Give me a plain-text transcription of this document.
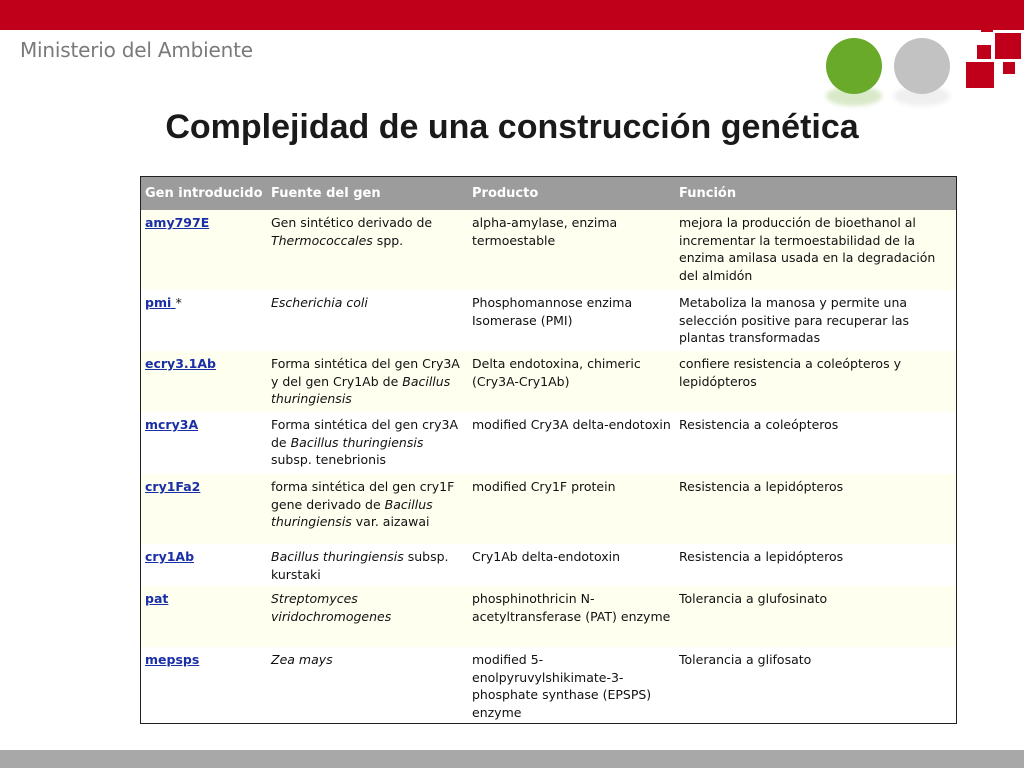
Ministerio del Ambiente
Complejidad de una construcción genética
Gen introducido	Fuente del gen	Producto	Función
amy797E	Gen sintético derivado de Thermococcales spp.	alpha-amylase, enzima termoestable	mejora la producción de bioethanol al incrementar la termoestabilidad de la enzima amilasa usada en la degradación del almidón
pmi *	Escherichia coli	Phosphomannose enzima Isomerase (PMI)	Metaboliza la manosa y permite una selección positive para recuperar las plantas transformadas
ecry3.1Ab	Forma sintética del gen Cry3A y del gen Cry1Ab de Bacillus thuringiensis	Delta endotoxina, chimeric (Cry3A-Cry1Ab)	confiere resistencia a coleópteros y lepidópteros
mcry3A	Forma sintética del gen cry3A de Bacillus thuringiensis subsp. tenebrionis	modified Cry3A delta-endotoxin	Resistencia a coleópteros
cry1Fa2	forma sintética del gen cry1F gene derivado de Bacillus thuringiensis var. aizawai	modified Cry1F protein	Resistencia a lepidópteros
cry1Ab	Bacillus thuringiensis subsp. kurstaki	Cry1Ab delta-endotoxin	Resistencia a lepidópteros
pat	Streptomyces viridochromogenes	phosphinothricin N-acetyltransferase (PAT) enzyme	Tolerancia a glufosinato
mepsps	Zea mays	modified 5-enolpyruvylshikimate-3-phosphate synthase (EPSPS) enzyme	Tolerancia a glifosato
